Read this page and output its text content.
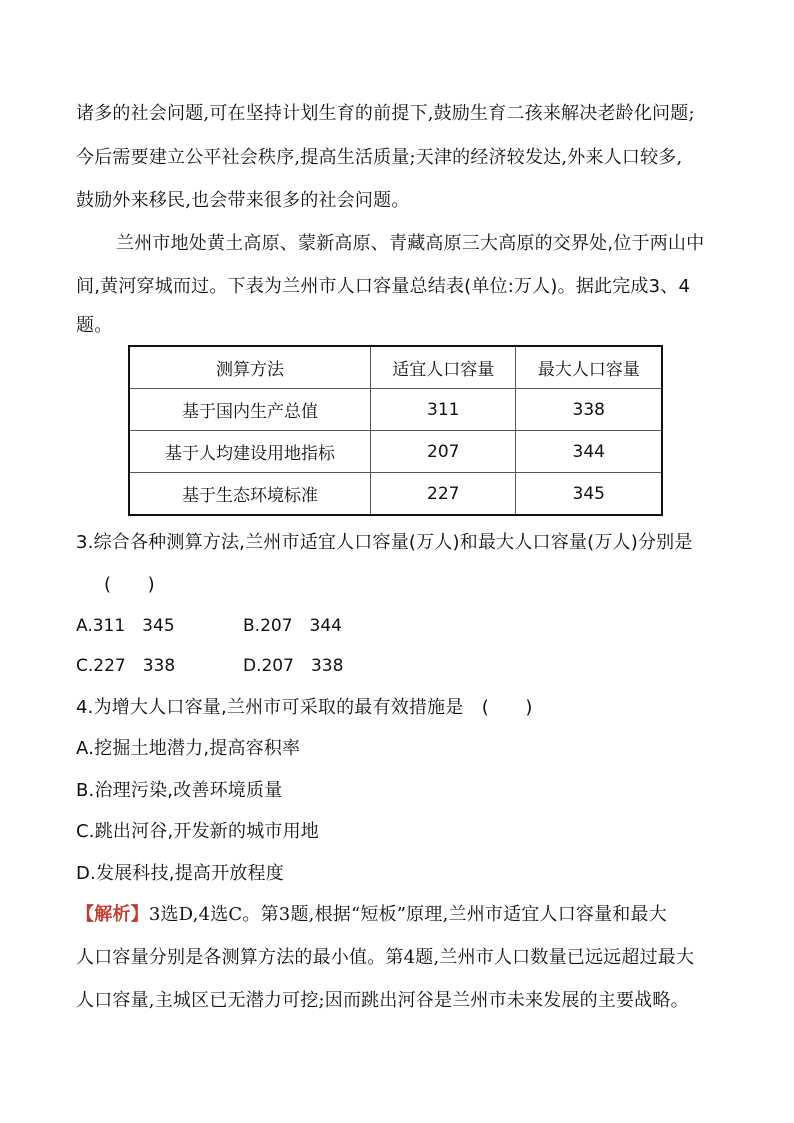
诸多的社会问题,可在坚持计划生育的前提下,鼓励生育二孩来解决老龄化问题;
今后需要建立公平社会秩序,提高生活质量;天津的经济较发达,外来人口较多,
鼓励外来移民,也会带来很多的社会问题。
兰州市地处黄土高原、蒙新高原、青藏高原三大高原的交界处,位于两山中
间,黄河穿城而过。下表为兰州市人口容量总结表(单位:万人)。据此完成3、4
题。
测算方法	适宜人口容量	最大人口容量
基于国内生产总值	311	338
基于人均建设用地指标	207	344
基于生态环境标准	227	345
3.综合各种测算方法,兰州市适宜人口容量(万人)和最大人口容量(万人)分别是
(　　)
A.311　345	B.207　344
C.227　338	D.207　338
4.为增大人口容量,兰州市可采取的最有效措施是　(　　)
A.挖掘土地潜力,提高容积率
B.治理污染,改善环境质量
C.跳出河谷,开发新的城市用地
D.发展科技,提高开放程度
【解析】3选D,4选C。第3题,根据“短板”原理,兰州市适宜人口容量和最大
人口容量分别是各测算方法的最小值。第4题,兰州市人口数量已远远超过最大
人口容量,主城区已无潜力可挖;因而跳出河谷是兰州市未来发展的主要战略。
